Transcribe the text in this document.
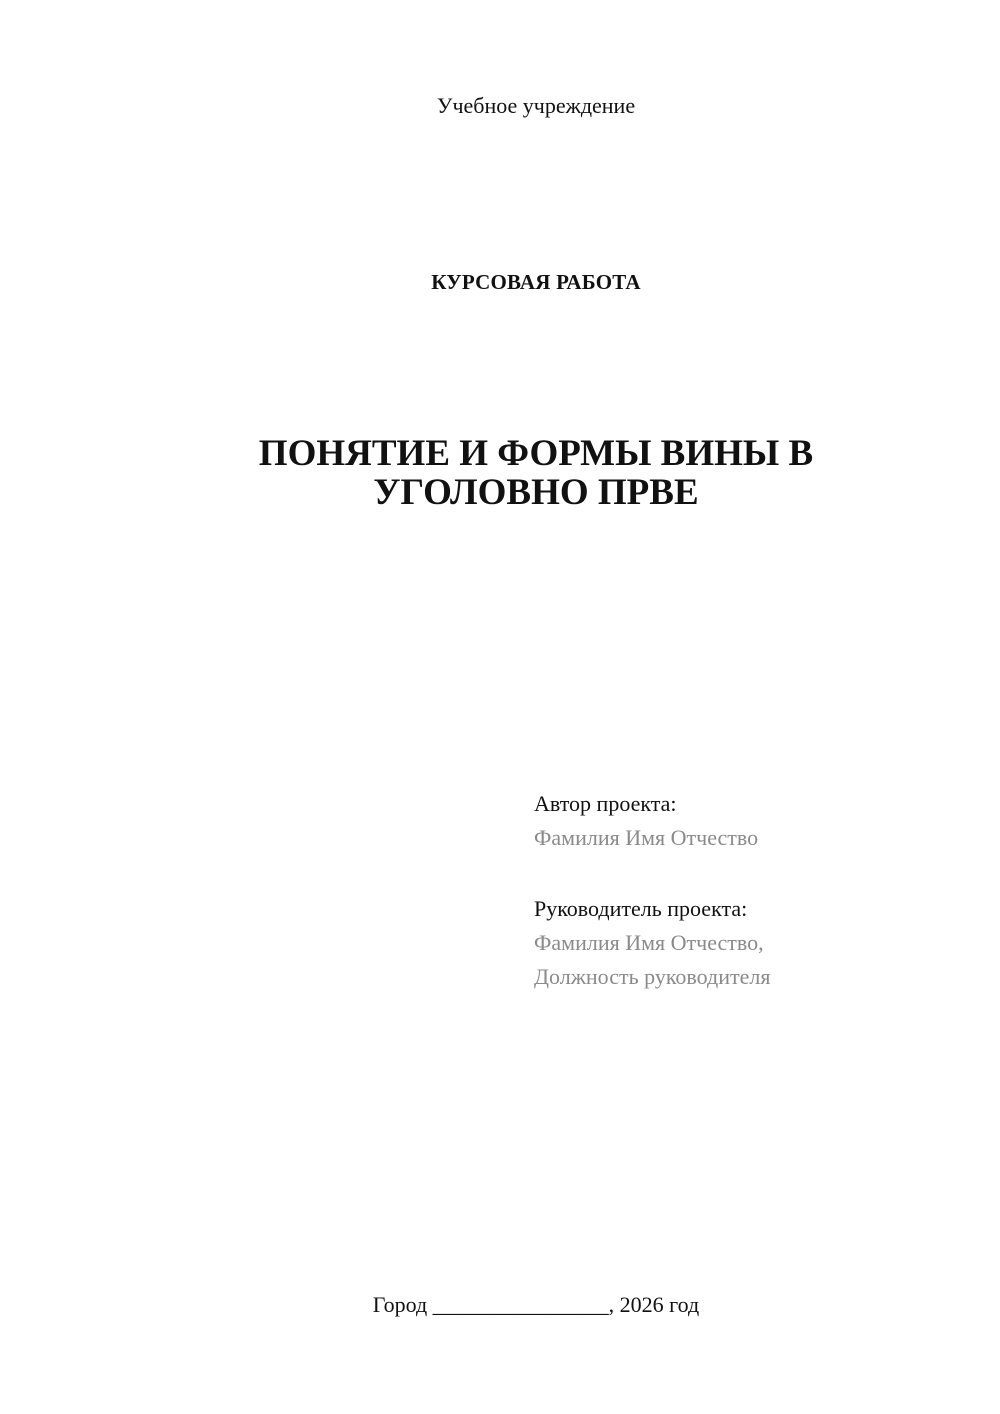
Учебное учреждение
КУРСОВАЯ РАБОТА
ПОНЯТИЕ И ФОРМЫ ВИНЫ В
УГОЛОВНО ПРВЕ
Автор проекта:
Фамилия Имя Отчество
Руководитель проекта:
Фамилия Имя Отчество,
Должность руководителя
Город ________________, 2026 год
